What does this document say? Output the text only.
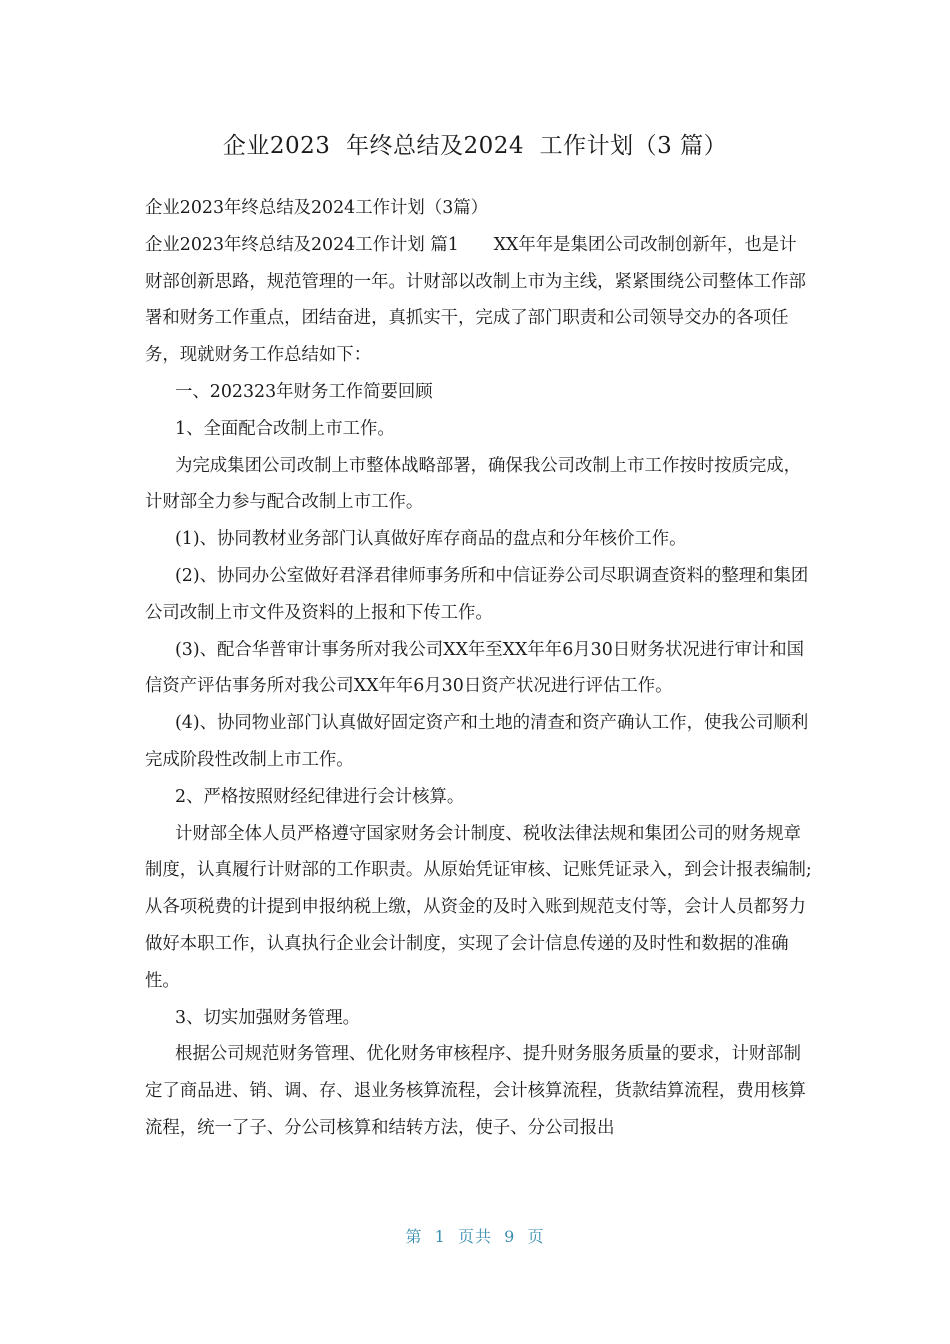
企业2023  年终总结及2024  工作计划（3 篇）

企业2023年终总结及2024工作计划（3篇）

企业2023年终总结及2024工作计划 篇1　　XX年年是集团公司改制创新年，也是计财部创新思路，规范管理的一年。计财部以改制上市为主线，紧紧围绕公司整体工作部署和财务工作重点，团结奋进，真抓实干，完成了部门职责和公司领导交办的各项任务，现就财务工作总结如下：

一、202323年财务工作简要回顾

1、全面配合改制上市工作。

为完成集团公司改制上市整体战略部署，确保我公司改制上市工作按时按质完成，计财部全力参与配合改制上市工作。

(1)、协同教材业务部门认真做好库存商品的盘点和分年核价工作。

(2)、协同办公室做好君泽君律师事务所和中信证券公司尽职调查资料的整理和集团公司改制上市文件及资料的上报和下传工作。

(3)、配合华普审计事务所对我公司XX年至XX年年6月30日财务状况进行审计和国信资产评估事务所对我公司XX年年6月30日资产状况进行评估工作。

(4)、协同物业部门认真做好固定资产和土地的清查和资产确认工作，使我公司顺利完成阶段性改制上市工作。

2、严格按照财经纪律进行会计核算。

计财部全体人员严格遵守国家财务会计制度、税收法律法规和集团公司的财务规章制度，认真履行计财部的工作职责。从原始凭证审核、记账凭证录入，到会计报表编制;从各项税费的计提到申报纳税上缴，从资金的及时入账到规范支付等，会计人员都努力做好本职工作，认真执行企业会计制度，实现了会计信息传递的及时性和数据的准确性。

3、切实加强财务管理。

根据公司规范财务管理、优化财务审核程序、提升财务服务质量的要求，计财部制定了商品进、销、调、存、退业务核算流程，会计核算流程，货款结算流程，费用核算流程，统一了子、分公司核算和结转方法，使子、分公司报出

第  1  页共  9  页
